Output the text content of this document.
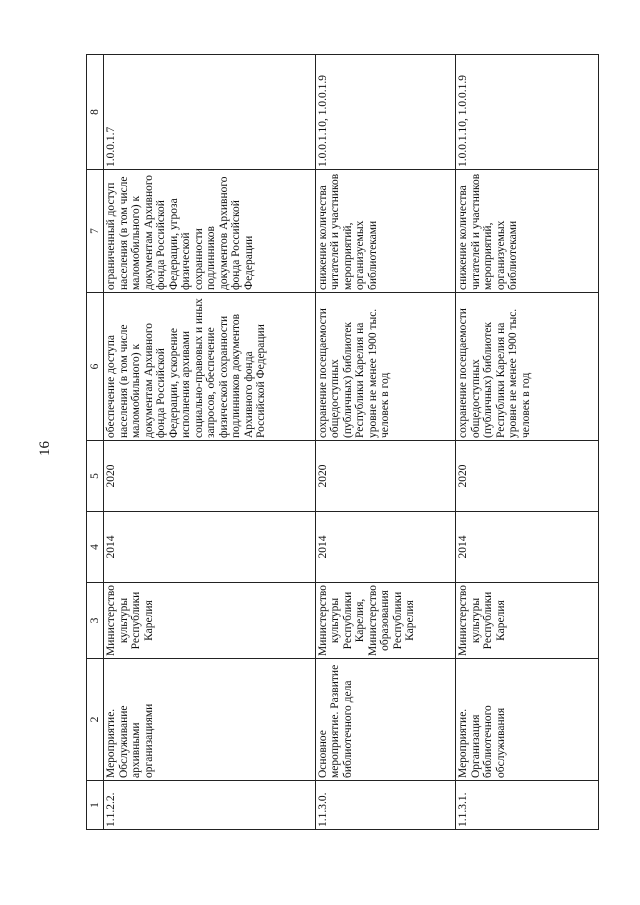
16
1	2	3	4	5	6	7	8
1.1.2.2.	Мероприятие. Обслуживание архивными организациями	Министерство культуры Республики Карелия	2014	2020	обеспечение доступа населения (в том числе маломобильного) к документам Архивного фонда Российской Федерации, ускорение исполнения архивами социально-правовых и иных запросов, обеспечение физической сохранности подлинников документов Архивного фонда Российской Федерации	ограниченный доступ населения (в том числе маломобильного) к документам Архивного фонда Российской Федерации, угроза физической сохранности подлинников документов Архивного фонда Российской Федерации	1.0.0.1.7
1.1.3.0.	Основное мероприятие. Развитие библиотечного дела	Министерство культуры Республики Карелия, Министерство образования Республики Карелия	2014	2020	сохранение посещаемости общедоступных (публичных) библиотек Республики Карелия на уровне не менее 1900 тыс. человек в год	снижение количества читателей и участников мероприятий, организуемых библиотеками	1.0.0.1.10, 1.0.0.1.9
1.1.3.1.	Мероприятие. Организация библиотечного обслуживания	Министерство культуры Республики Карелия	2014	2020	сохранение посещаемости общедоступных (публичных) библиотек Республики Карелия на уровне не менее 1900 тыс. человек в год	снижение количества читателей и участников мероприятий, организуемых библиотеками	1.0.0.1.10, 1.0.0.1.9
